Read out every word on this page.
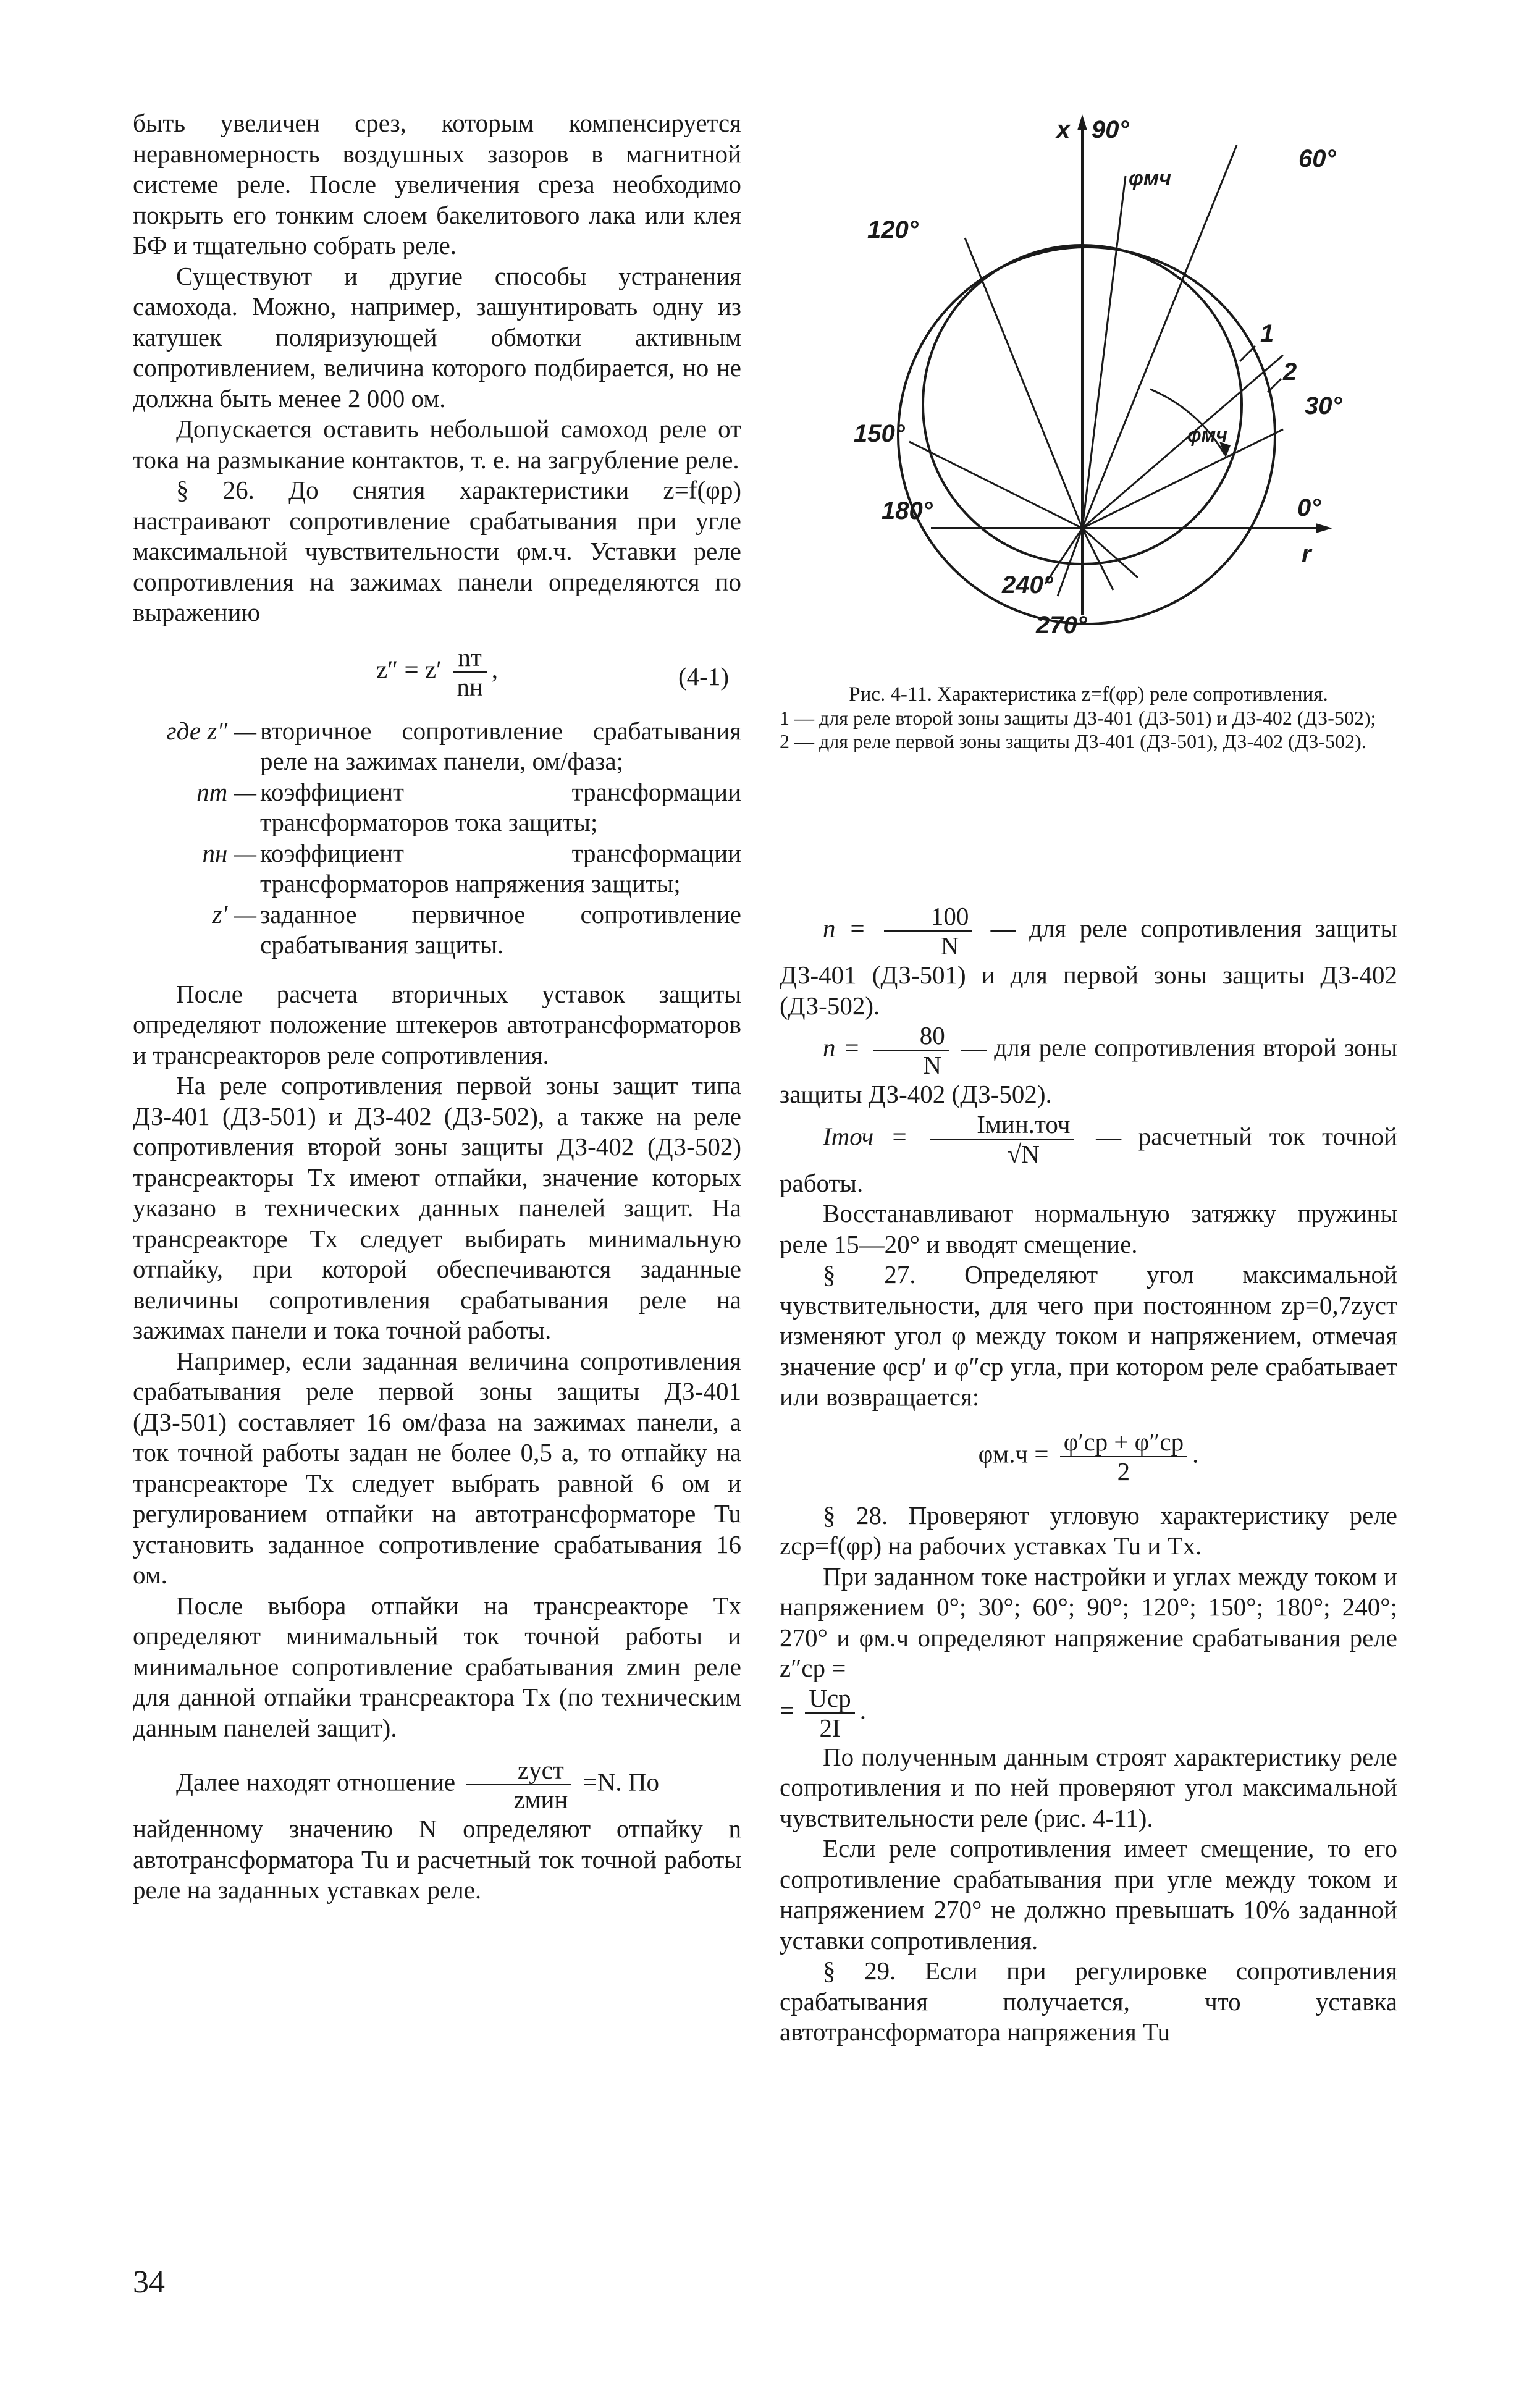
быть увеличен срез, которым компенсируется неравномерность воздушных зазоров в магнитной системе реле. После увеличения среза необходимо покрыть его тонким слоем бакелитового лака или клея БФ и тщательно собрать реле.

Существуют и другие способы устранения самохода. Можно, например, зашунтировать одну из катушек поляризующей обмотки активным сопротивлением, величина которого подбирается, но не должна быть менее 2 000 ом.

Допускается оставить небольшой самоход реле от тока на размыкание контактов, т. е. на загрубление реле.

§ 26. До снятия характеристики z=f(φр) настраивают сопротивление срабатывания при угле максимальной чувствительности φм.ч. Уставки реле сопротивления на зажимах панели определяются по выражению

$z'' = z' \frac{nт}{nн}$ ,	(4-1)
где z″ — вторичное сопротивление срабатывания реле на зажимах панели, ом/фаза;
nт — коэффициент трансформации трансформаторов тока защиты;
nн — коэффициент трансформации трансформаторов напряжения защиты;
z′ — заданное первичное сопротивление срабатывания защиты.

После расчета вторичных уставок защиты определяют положение штекеров автотрансформаторов и трансреакторов реле сопротивления.

На реле сопротивления первой зоны защит типа ДЗ-401 (ДЗ-501) и ДЗ-402 (ДЗ-502), а также на реле сопротивления второй зоны защиты ДЗ-402 (ДЗ-502) трансреакторы Tx имеют отпайки, значение которых указано в технических данных панелей защит. На трансреакторе Tx следует выбирать минимальную отпайку, при которой обеспечиваются заданные величины сопротивления срабатывания реле на зажимах панели и тока точной работы.

Например, если заданная величина сопротивления срабатывания реле первой зоны защиты ДЗ-401 (ДЗ-501) составляет 16 ом/фаза на зажимах панели, а ток точной работы задан не более 0,5 а, то отпайку на трансреакторе Tx следует выбрать равной 6 ом и регулированием отпайки на автотрансформаторе Tu установить заданное сопротивление срабатывания 16 ом.

После выбора отпайки на трансреакторе Tx определяют минимальный ток точной работы и минимальное сопротивление срабатывания zмин реле для данной отпайки трансреактора Tx (по техническим данным панелей защит).

Далее находят отношение $\frac{\text{zуст}}{\text{zмин}} =N$. По

найденному значению N определяют отпайку n автотрансформатора Tu и расчетный ток точной работы реле на заданных уставках реле.

x 90°
60°
φмч
120°
1
2
30°
φмч
150°
180°	0°
r
240°
270°
Рис. 4-11. Характеристика z=f(φр) реле сопротивления.
1 — для реле второй зоны защиты ДЗ-401 (ДЗ-501) и ДЗ-402 (ДЗ-502);
2 — для реле первой зоны защиты ДЗ-401 (ДЗ-501), ДЗ-402 (ДЗ-502).

$n = \frac{100}{N}$ — для реле сопротивления защиты ДЗ-401 (ДЗ-501) и для первой зоны защиты ДЗ-402 (ДЗ-502).

$n = \frac{80}{N}$ — для реле сопротивления второй зоны защиты ДЗ-402 (ДЗ-502).

Iточ = $\frac{\text{Iмин.точ}}{√N}$ — расчетный ток точной работы.

Восстанавливают нормальную затяжку пружины реле 15—20° и вводят смещение.

§ 27. Определяют угол максимальной чувствительности, для чего при постоянном zр=0,7zуст изменяют угол φ между током и напряжением, отмечая значение φср′ и φ″ср угла, при котором реле срабатывает или возвращается:

$\varphi м.ч = \frac{\varphi'ср + \varphi''ср}{2}$ .

§ 28. Проверяют угловую характеристику реле zср=f(φр) на рабочих уставках Tu и Tx.

При заданном токе настройки и углах между током и напряжением 0°; 30°; 60°; 90°; 120°; 150°; 180°; 240°; 270° и φм.ч определяют напряжение срабатывания реле z″ср =

= $\frac{\text{Uср}}{2I}$ .

По полученным данным строят характеристику реле сопротивления и по ней проверяют угол максимальной чувствительности реле (рис. 4-11).

Если реле сопротивления имеет смещение, то его сопротивление срабатывания при угле между током и напряжением 270° не должно превышать 10% заданной уставки сопротивления.

§ 29. Если при регулировке сопротивления срабатывания получается, что уставка автотрансформатора напряжения Tu

34
